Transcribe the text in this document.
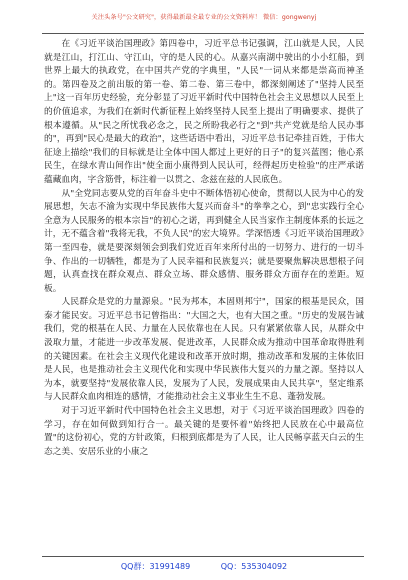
关注头条号"公文研究"，获得最新最全最专业的公文资料库！ 微信：gongwenyj

在《习近平谈治国理政》第四卷中，习近平总书记强调，江山就是人民，人民就是江山，打江山、守江山，守的是人民的心。从嘉兴南湖中驶出的小小红船，到世界上最大的执政党，在中国共产党的字典里，"人民"一词从来都是崇高而神圣的。第四卷及之前出版的第一卷、第二卷、第三卷中，都深刻阐述了"坚持人民至上"这一百年历史经验，充分彰显了习近平新时代中国特色社会主义思想以人民至上的价值追求，为我们在新时代新征程上始终坚持人民至上提出了明确要求、提供了根本遵循。从"民之所忧我必念之，民之所盼我必行之"到"共产党就是给人民办事的"，再到"民心是最大的政治"，这些话语中看出，习近平总书记牵挂百姓，于伟大征途上描绘"我们的目标就是让全体中国人都过上更好的日子"的复兴蓝图；他心系民生，在绿水青山间作出"使全面小康得到人民认可，经得起历史检验"的庄严承诺蕴藏血肉，字含筋骨，标注着一以贯之、念兹在兹的人民底色。

从"全党同志要从党的百年奋斗史中不断体悟初心使命，贯彻以人民为中心的发展思想，矢志不渝为实现中华民族伟大复兴而奋斗"的拳拳之心，到"忠实践行全心全意为人民服务的根本宗旨"的初心之诺，再到健全人民当家作主制度体系的长远之计，无不蕴含着"我将无我，不负人民"的宏大境界。学深悟透《习近平谈治国理政》第一至四卷，就是要深刻领会到我们党近百年来所付出的一切努力、进行的一切斗争、作出的一切牺牲，都是为了人民幸福和民族复兴；就是要聚焦解决思想根子问题，认真查找在群众观点、群众立场、群众感情、服务群众方面存在的差距。短板。

人民群众是党的力量源泉。"民为邦本，本固则邦宁"，国家的根基是民众，国泰才能民安。习近平总书记曾指出："大国之大，也有大国之重。"历史的发展告诫我们，党的根基在人民、力量在人民依靠也在人民。只有紧紧依靠人民，从群众中汲取力量，才能进一步改革发展、促进改革，人民群众成为推动中国革命取得胜利的关键因素。在社会主义现代化建设和改革开放时期，推动改革和发展的主体依旧是人民，也是推动社会主义现代化和实现中华民族伟大复兴的力量之源。坚持以人为本，就要坚持"发展依靠人民，发展为了人民，发展成果由人民共享"，坚定维系与人民群众血肉相连的感情，才能推动社会主义事业生生不息、蓬勃发展。

对于习近平新时代中国特色社会主义思想，对于《习近平谈治国理政》四卷的学习，存在如何做到知行合一。最关键的是要怀着"始终把人民放在心中最高位置"的这份初心，党的方针政策，归根到底都是为了人民，让人民畅享蓝天白云的生态之美、安居乐业的小康之

QQ群：31991489	QQ：535304092
